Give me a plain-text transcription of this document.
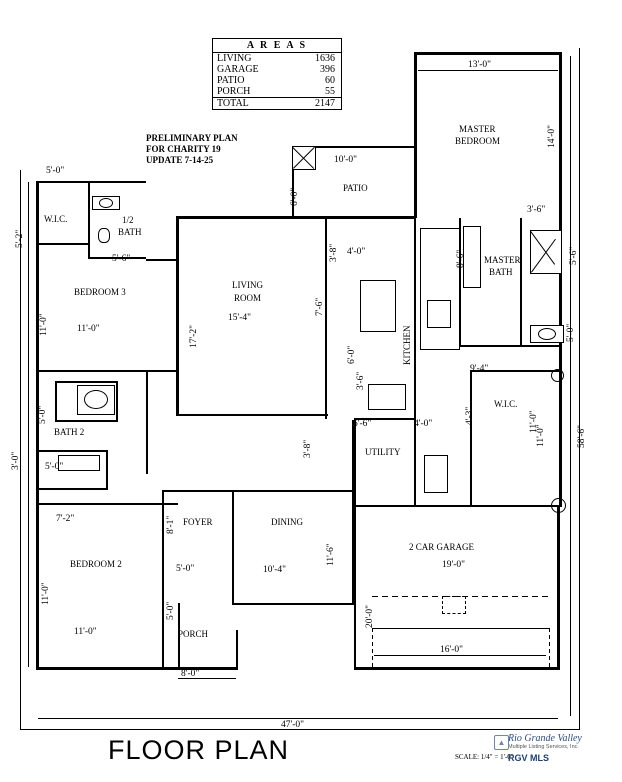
A R E A S
LIVING	1636
GARAGE	396
PATIO	60
PORCH	55
TOTAL	2147
PRELIMINARY PLAN
FOR CHARITY 19
UPDATE 7-14-25
W.I.C.	1/2
BATH
BEDROOM 3
LIVING
ROOM
PATIO
MASTER
BEDROOM
MASTER
BATH
KITCHEN
W.I.C.
BATH 2
UTILITY
BEDROOM 2
FOYER	DINING
PORCH
2 CAR GARAGE
13'-0"
14'-0"
3'-6"
5'-6"
5'-0"
58'-6"
8'-0"
47'-0"
16'-0"
5'-0"
5'-2"
11'-0"
5'-0"
3'-0"
11'-0"
10'-0"
6'-0"
3'-8" 4'-0"
17'-2"
15'-4"
7'-6"
6'-0"
11'-0"
8'-6"
9'-4"
11'-0"
3'-6"
6'-6"	4'-0"	4'-3"
3'-8"
11'-0"
5'-6"
7'-2"
5'-0"
8'-1"
5'-0"	10'-4"
11'-6"
11'-0"
5'-0"
19'-0"
20'-0"
FLOOR PLAN	SCALE: 1/4" = 1'-0"
▲ Rio Grande Valley
Multiple Listing Services, Inc.
RGV MLS
